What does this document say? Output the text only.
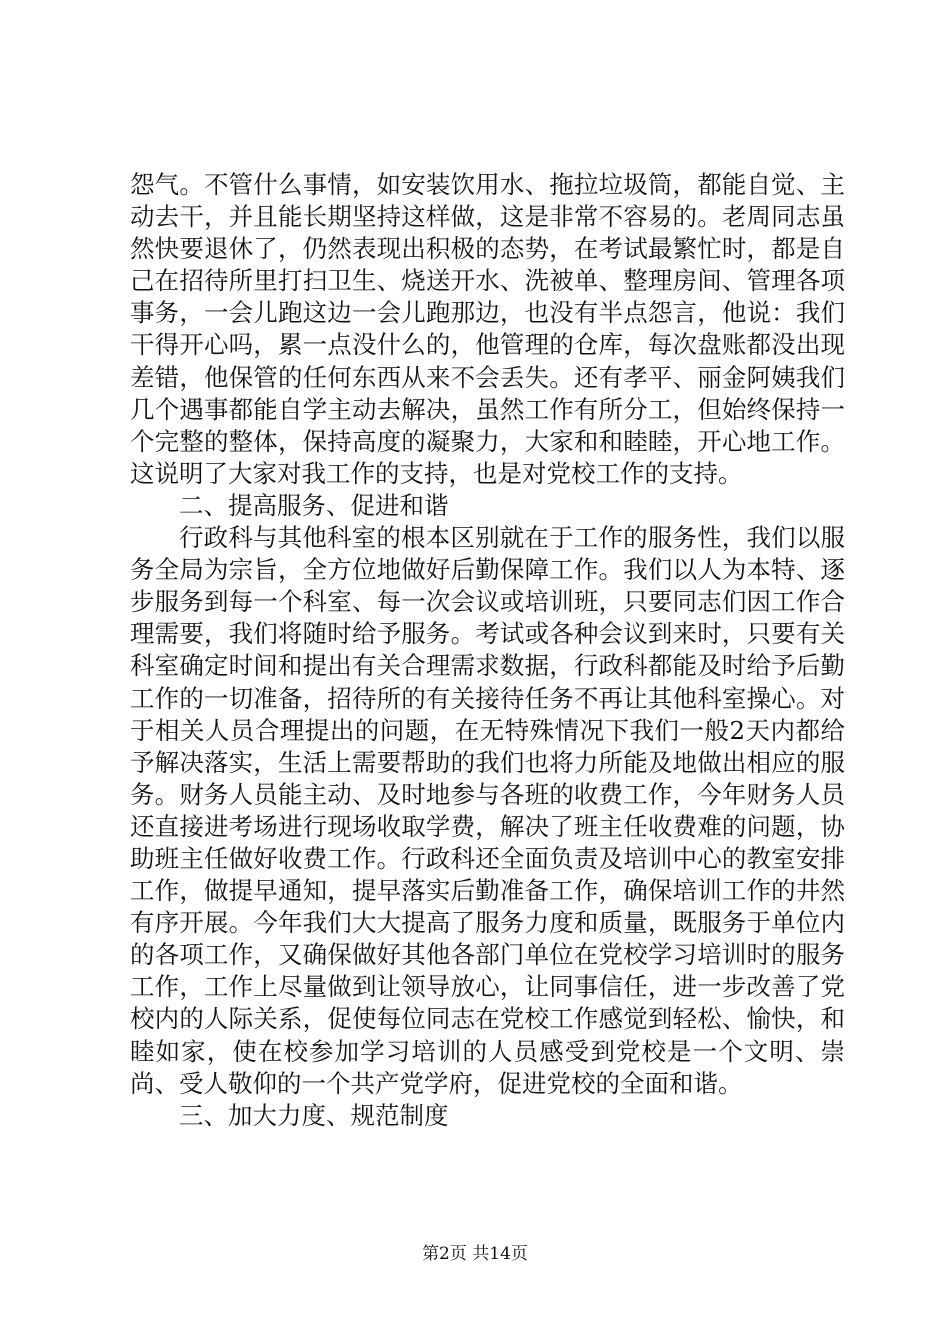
怨气。不管什么事情，如安装饮用水、拖拉垃圾筒，都能自觉、主动去干，并且能长期坚持这样做，这是非常不容易的。老周同志虽然快要退休了，仍然表现出积极的态势，在考试最繁忙时，都是自己在招待所里打扫卫生、烧送开水、洗被单、整理房间、管理各项事务，一会儿跑这边一会儿跑那边，也没有半点怨言，他说：我们干得开心吗，累一点没什么的，他管理的仓库，每次盘账都没出现差错，他保管的任何东西从来不会丢失。还有孝平、丽金阿姨我们几个遇事都能自学主动去解决，虽然工作有所分工，但始终保持一个完整的整体，保持高度的凝聚力，大家和和睦睦，开心地工作。这说明了大家对我工作的支持，也是对党校工作的支持。

二、提高服务、促进和谐

行政科与其他科室的根本区别就在于工作的服务性，我们以服务全局为宗旨，全方位地做好后勤保障工作。我们以人为本特、逐步服务到每一个科室、每一次会议或培训班，只要同志们因工作合理需要，我们将随时给予服务。考试或各种会议到来时，只要有关科室确定时间和提出有关合理需求数据，行政科都能及时给予后勤工作的一切准备，招待所的有关接待任务不再让其他科室操心。对于相关人员合理提出的问题，在无特殊情况下我们一般2天内都给予解决落实，生活上需要帮助的我们也将力所能及地做出相应的服务。财务人员能主动、及时地参与各班的收费工作，今年财务人员还直接进考场进行现场收取学费，解决了班主任收费难的问题，协助班主任做好收费工作。行政科还全面负责及培训中心的教室安排工作，做提早通知，提早落实后勤准备工作，确保培训工作的井然有序开展。今年我们大大提高了服务力度和质量，既服务于单位内的各项工作，又确保做好其他各部门单位在党校学习培训时的服务工作，工作上尽量做到让领导放心，让同事信任，进一步改善了党校内的人际关系，促使每位同志在党校工作感觉到轻松、愉快，和睦如家，使在校参加学习培训的人员感受到党校是一个文明、崇尚、受人敬仰的一个共产党学府，促进党校的全面和谐。

三、加大力度、规范制度

第2页 共14页
